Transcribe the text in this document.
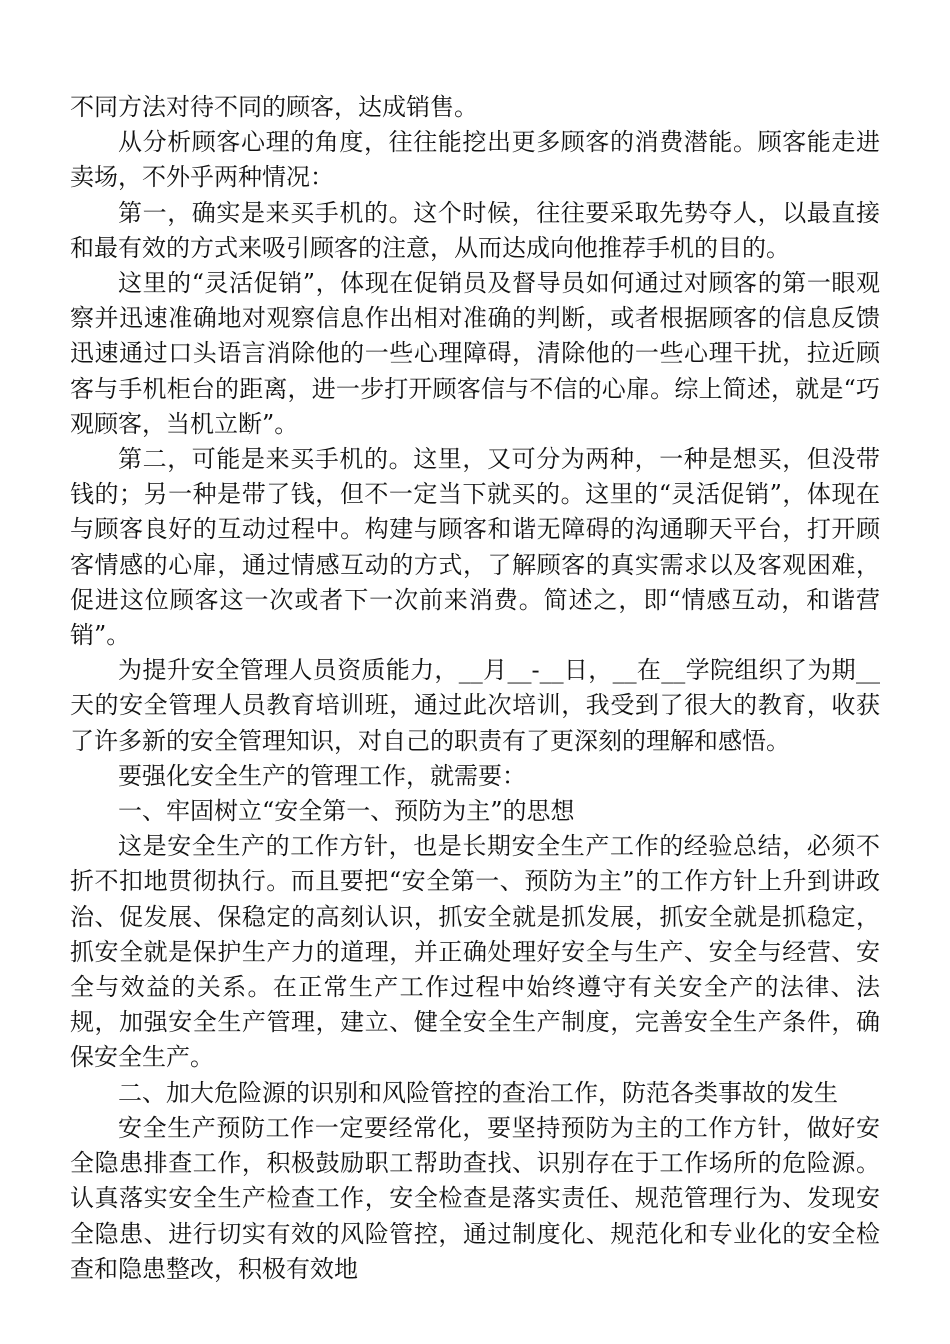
不同方法对待不同的顾客，达成销售。

从分析顾客心理的角度，往往能挖出更多顾客的消费潜能。顾客能走进卖场，不外乎两种情况：

第一，确实是来买手机的。这个时候，往往要采取先势夺人，以最直接和最有效的方式来吸引顾客的注意，从而达成向他推荐手机的目的。

这里的“灵活促销”，体现在促销员及督导员如何通过对顾客的第一眼观察并迅速准确地对观察信息作出相对准确的判断，或者根据顾客的信息反馈迅速通过口头语言消除他的一些心理障碍，清除他的一些心理干扰，拉近顾客与手机柜台的距离，进一步打开顾客信与不信的心扉。综上简述，就是“巧观顾客，当机立断”。

第二，可能是来买手机的。这里，又可分为两种，一种是想买，但没带钱的；另一种是带了钱，但不一定当下就买的。这里的“灵活促销”，体现在与顾客良好的互动过程中。构建与顾客和谐无障碍的沟通聊天平台，打开顾客情感的心扉，通过情感互动的方式，了解顾客的真实需求以及客观困难，促进这位顾客这一次或者下一次前来消费。简述之，即“情感互动，和谐营销”。

为提升安全管理人员资质能力，__月__-__日，__在__学院组织了为期__天的安全管理人员教育培训班，通过此次培训，我受到了很大的教育，收获了许多新的安全管理知识，对自己的职责有了更深刻的理解和感悟。

要强化安全生产的管理工作，就需要：

一、牢固树立“安全第一、预防为主”的思想

这是安全生产的工作方针，也是长期安全生产工作的经验总结，必须不折不扣地贯彻执行。而且要把“安全第一、预防为主”的工作方针上升到讲政治、促发展、保稳定的高刻认识，抓安全就是抓发展，抓安全就是抓稳定，抓安全就是保护生产力的道理，并正确处理好安全与生产、安全与经营、安全与效益的关系。在正常生产工作过程中始终遵守有关安全产的法律、法规，加强安全生产管理，建立、健全安全生产制度，完善安全生产条件，确保安全生产。

二、加大危险源的识别和风险管控的查治工作，防范各类事故的发生

安全生产预防工作一定要经常化，要坚持预防为主的工作方针，做好安全隐患排查工作，积极鼓励职工帮助查找、识别存在于工作场所的危险源。认真落实安全生产检查工作，安全检查是落实责任、规范管理行为、发现安全隐患、进行切实有效的风险管控，通过制度化、规范化和专业化的安全检查和隐患整改，积极有效地
